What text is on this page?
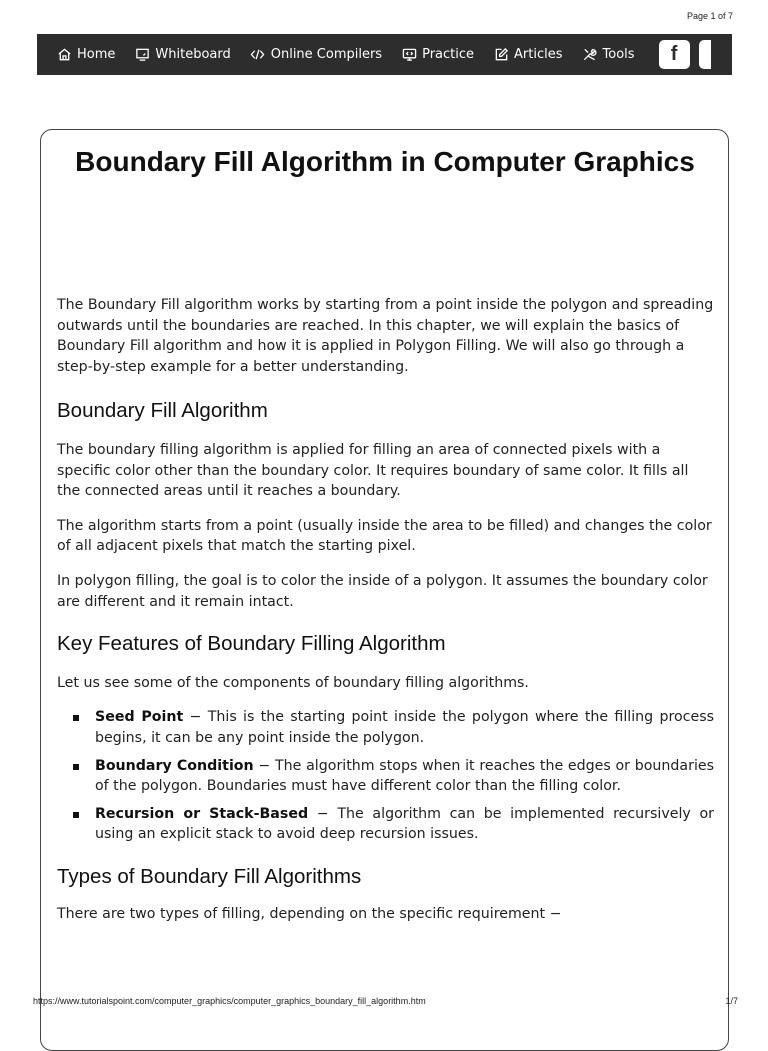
Page 1 of 7
Home	Whiteboard	Online Compilers	Practice	Articles	Tools f
Boundary Fill Algorithm in Computer Graphics

The Boundary Fill algorithm works by starting from a point inside the polygon and spreading outwards until the boundaries are reached. In this chapter, we will explain the basics of Boundary Fill algorithm and how it is applied in Polygon Filling. We will also go through a step-by-step example for a better understanding.

Boundary Fill Algorithm

The boundary filling algorithm is applied for filling an area of connected pixels with a specific color other than the boundary color. It requires boundary of same color. It fills all the connected areas until it reaches a boundary.

The algorithm starts from a point (usually inside the area to be filled) and changes the color of all adjacent pixels that match the starting pixel.

In polygon filling, the goal is to color the inside of a polygon. It assumes the boundary color are different and it remain intact.

Key Features of Boundary Filling Algorithm

Let us see some of the components of boundary filling algorithms.

Seed Point − This is the starting point inside the polygon where the filling process begins, it can be any point inside the polygon.
Boundary Condition − The algorithm stops when it reaches the edges or boundaries of the polygon. Boundaries must have different color than the filling color.
Recursion or Stack-Based − The algorithm can be implemented recursively or using an explicit stack to avoid deep recursion issues.
Types of Boundary Fill Algorithms

There are two types of filling, depending on the specific requirement −

https://www.tutorialspoint.com/computer_graphics/computer_graphics_boundary_fill_algorithm.htm	1/7
